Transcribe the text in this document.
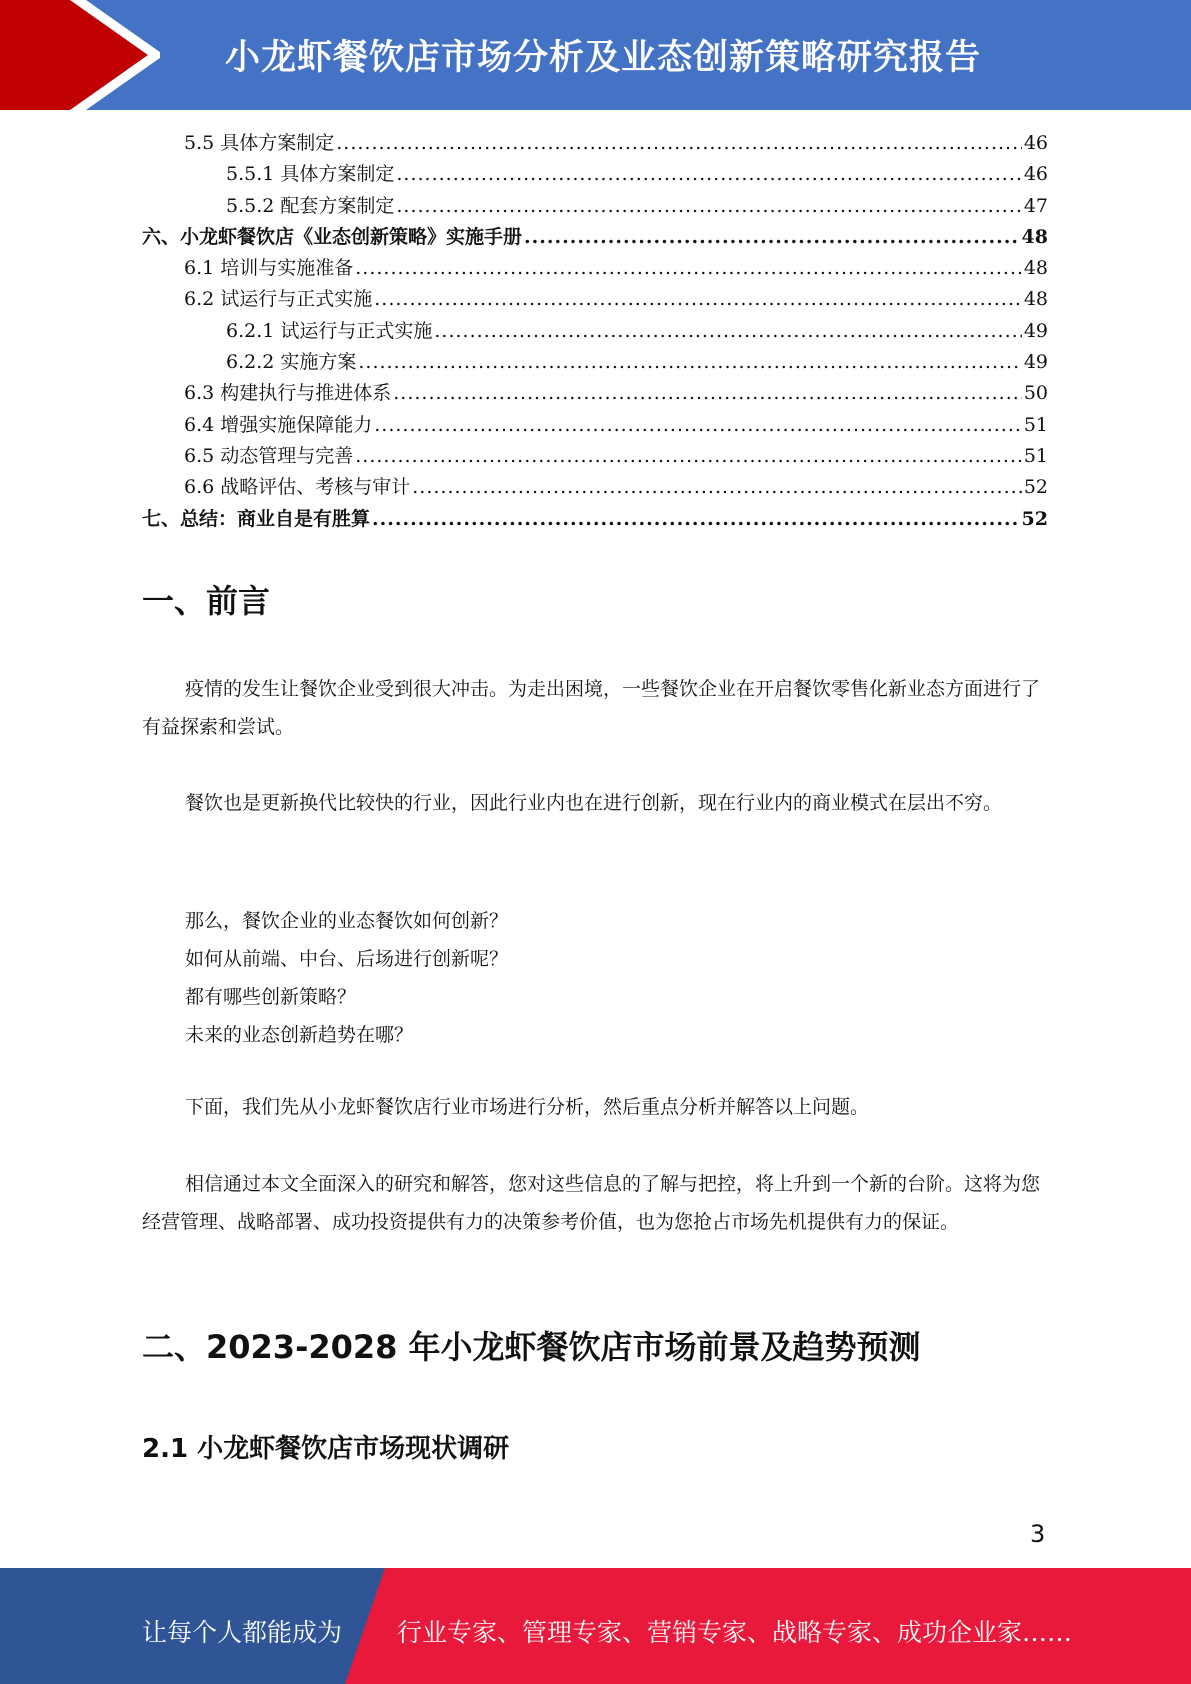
小龙虾餐饮店市场分析及业态创新策略研究报告
5.5 具体方案制定 .....	46
5.5.1 具体方案制定 .....	46
5.5.2 配套方案制定 .....	47
六、小龙虾餐饮店《业态创新策略》实施手册 .....	48
6.1 培训与实施准备 .....	48
6.2 试运行与正式实施 .....	48
6.2.1 试运行与正式实施 .....	49
6.2.2 实施方案 .....	49
6.3 构建执行与推进体系 .....	50
6.4 增强实施保障能力 .....	51
6.5 动态管理与完善 .....	51
6.6 战略评估、考核与审计 .....	52
七、总结：商业自是有胜算 .....	52
一、前言

疫情的发生让餐饮企业受到很大冲击。为走出困境，一些餐饮企业在开启餐饮零售化新业态方面进行了有益探索和尝试。

餐饮也是更新换代比较快的行业，因此行业内也在进行创新，现在行业内的商业模式在层出不穷。

那么，餐饮企业的业态餐饮如何创新？
如何从前端、中台、后场进行创新呢？
都有哪些创新策略？
未来的业态创新趋势在哪？

下面，我们先从小龙虾餐饮店行业市场进行分析，然后重点分析并解答以上问题。

相信通过本文全面深入的研究和解答，您对这些信息的了解与把控，将上升到一个新的台阶。这将为您经营管理、战略部署、成功投资提供有力的决策参考价值，也为您抢占市场先机提供有力的保证。

二、2023-2028 年小龙虾餐饮店市场前景及趋势预测
2.1 小龙虾餐饮店市场现状调研
3
让每个人都能成为 行业专家、管理专家、营销专家、战略专家、成功企业家……
